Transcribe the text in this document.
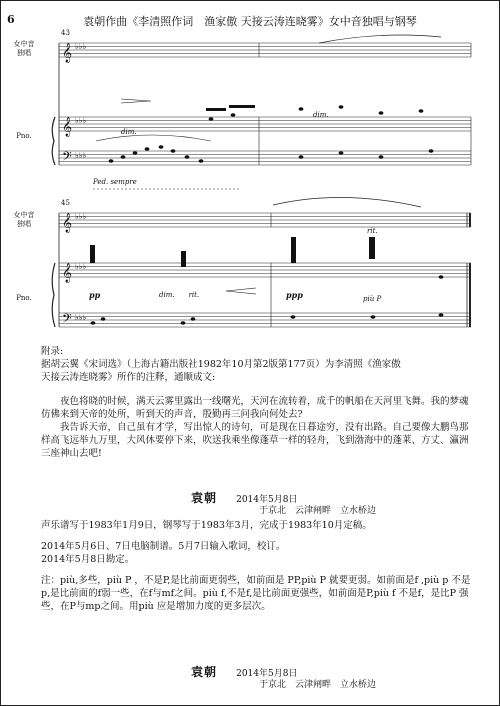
6	袁朝作曲《李清照作词　渔家傲 天接云涛连晓雾》女中音独唱与钢琴
43
女中音
独唱
Pno.	dim.
dim.
Ped. sempre
𝄞
𝄞
𝄢
𝄞
𝄞
𝄢
♭♭♭
♭♭♭
♭♭♭
♭♭♭
♭♭♭
♭♭♭
45
女中音
独唱
Pno.	pp	dim.　　rit.	ppp	più P
rit.

附录:

据胡云翼《宋词选》（上海古籍出版社1982年10月第2版第177页）为李清照《渔家傲

天接云涛连晓雾》所作的注释，通顺成文:

夜色将晓的时候，满天云雾里露出一线曙光，天河在流转着，成千的帆船在天河里飞舞。我的梦魂仿佛来到天帝的处所，听到天的声音，殷勤再三问我向何处去?

我告诉天帝，自己虽有才学，写出惊人的诗句，可是现在日暮途穷，没有出路。自己要像大鹏鸟那样高飞远举九万里，大风休要停下来，吹送我乘坐像蓬草一样的轻舟，飞到渤海中的蓬莱、方丈、瀛洲三座神山去吧!

袁朝 2014年5月8日
于京北　云津闸畔　立水桥边

声乐谱写于1983年1月9日，钢琴写于1983年3月，完成于1983年10月定稿。

2014年5月6日、7日电脑制谱。5月7日输入歌词，校订。

2014年5月8日勘定。

注：più,多些，più P ，不是P,是比前面更弱些，如前面是 PP,più P 就要更弱。如前面是f ,più p 不是p,是比前面的f弱一些，在f与mf之间。più f,不是f,是比前面更强些，如前面是P,più f 不是f，是比P 强些，在P与mp之间。用più 应是增加力度的更多层次。

袁朝 2014年5月8日
于京北　云津闸畔　立水桥边
